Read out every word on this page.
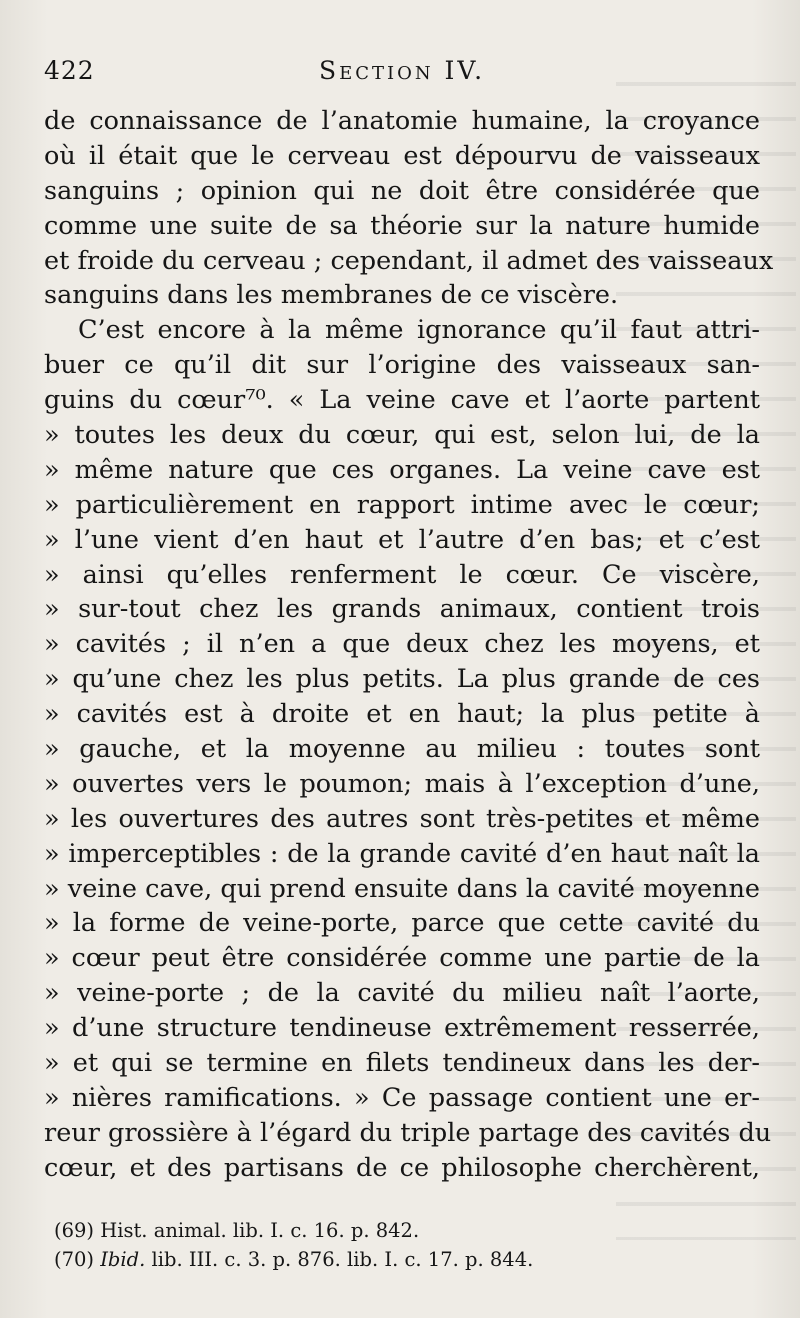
422	Section IV.
de connaissance de l’anatomie humaine, la croyance
où il était que le cerveau est dépourvu de vaisseaux
sanguins ; opinion qui ne doit être considérée que
comme une suite de sa théorie sur la nature humide
et froide du cerveau ; cependant, il admet des vaisseaux
sanguins dans les membranes de ce viscère.
C’est encore à la même ignorance qu’il faut attri-
buer ce qu’il dit sur l’origine des vaisseaux san-
guins du cœur⁷⁰. « La veine cave et l’aorte partent
» toutes les deux du cœur, qui est, selon lui, de la
» même nature que ces organes. La veine cave est
» particulièrement en rapport intime avec le cœur;
» l’une vient d’en haut et l’autre d’en bas; et c’est
» ainsi qu’elles renferment le cœur. Ce viscère,
» sur-tout chez les grands animaux, contient trois
» cavités ; il n’en a que deux chez les moyens, et
» qu’une chez les plus petits. La plus grande de ces
» cavités est à droite et en haut; la plus petite à
» gauche, et la moyenne au milieu : toutes sont
» ouvertes vers le poumon; mais à l’exception d’une,
» les ouvertures des autres sont très-petites et même
» imperceptibles : de la grande cavité d’en haut naît la
» veine cave, qui prend ensuite dans la cavité moyenne
» la forme de veine-porte, parce que cette cavité du
» cœur peut être considérée comme une partie de la
» veine-porte ; de la cavité du milieu naît l’aorte,
» d’une structure tendineuse extrêmement resserrée,
» et qui se termine en filets tendineux dans les der-
» nières ramifications. » Ce passage contient une er-
reur grossière à l’égard du triple partage des cavités du
cœur, et des partisans de ce philosophe cherchèrent,
(69) Hist. animal. lib. I. c. 16. p. 842.
(70) Ibid. lib. III. c. 3. p. 876. lib. I. c. 17. p. 844.
